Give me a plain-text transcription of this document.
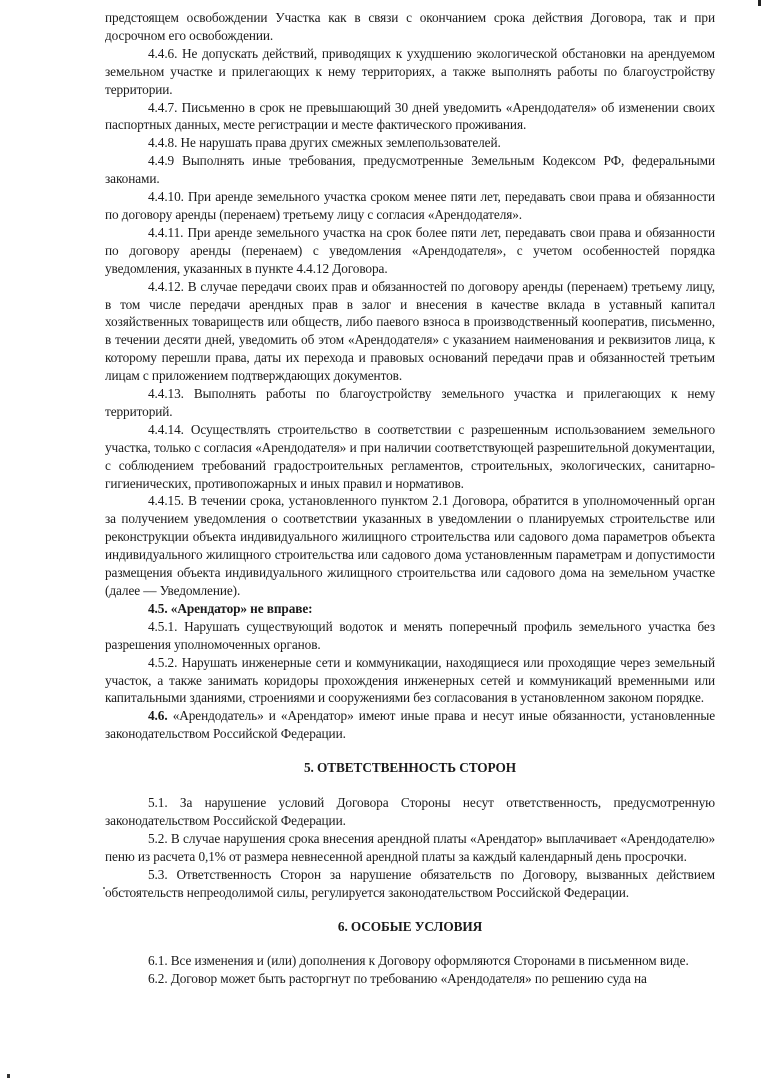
предстоящем освобождении Участка как в связи с окончанием срока действия Договора, так и при досрочном его освобождении.

4.4.6. Не допускать действий, приводящих к ухудшению экологической обстановки на арендуемом земельном участке и прилегающих к нему территориях, а также выполнять работы по благоустройству территории.

4.4.7. Письменно в срок не превышающий 30 дней уведомить «Арендодателя» об изменении своих паспортных данных, месте регистрации и месте фактического проживания.

4.4.8. Не нарушать права других смежных землепользователей.

4.4.9 Выполнять иные требования, предусмотренные Земельным Кодексом РФ, федеральными законами.

4.4.10. При аренде земельного участка сроком менее пяти лет, передавать свои права и обязанности по договору аренды (перенаем) третьему лицу с согласия «Арендодателя».

4.4.11. При аренде земельного участка на срок более пяти лет, передавать свои права и обязанности по договору аренды (перенаем) с уведомления «Арендодателя», с учетом особенностей порядка уведомления, указанных в пункте 4.4.12 Договора.

4.4.12. В случае передачи своих прав и обязанностей по договору аренды (перенаем) третьему лицу, в том числе передачи арендных прав в залог и внесения в качестве вклада в уставный капитал хозяйственных товариществ или обществ, либо паевого взноса в производственный кооператив, письменно, в течении десяти дней, уведомить об этом «Арендодателя» с указанием наименования и реквизитов лица, к которому перешли права, даты их перехода и правовых оснований передачи прав и обязанностей третьим лицам с приложением подтверждающих документов.

4.4.13. Выполнять работы по благоустройству земельного участка и прилегающих к нему территорий.

4.4.14. Осуществлять строительство в соответствии с разрешенным использованием земельного участка, только с согласия «Арендодателя» и при наличии соответствующей разрешительной документации, с соблюдением требований градостроительных регламентов, строительных, экологических, санитарно-гигиенических, противопожарных и иных правил и нормативов.

4.4.15. В течении срока, установленного пунктом 2.1 Договора, обратится в уполномоченный орган за получением уведомления о соответствии указанных в уведомлении о планируемых строительстве или реконструкции объекта индивидуального жилищного строительства или садового дома параметров объекта индивидуального жилищного строительства или садового дома установленным параметрам и допустимости размещения объекта индивидуального жилищного строительства или садового дома на земельном участке (далее — Уведомление).

4.5. «Арендатор» не вправе:

4.5.1. Нарушать существующий водоток и менять поперечный профиль земельного участка без разрешения уполномоченных органов.

4.5.2. Нарушать инженерные сети и коммуникации, находящиеся или проходящие через земельный участок, а также занимать коридоры прохождения инженерных сетей и коммуникаций временными или капитальными зданиями, строениями и сооружениями без согласования в установленном законом порядке.

4.6. «Арендодатель» и «Арендатор» имеют иные права и несут иные обязанности, установленные законодательством Российской Федерации.

5. ОТВЕТСТВЕННОСТЬ СТОРОН

5.1. За нарушение условий Договора Стороны несут ответственность, предусмотренную законодательством Российской Федерации.

5.2. В случае нарушения срока внесения арендной платы «Арендатор» выплачивает «Арендодателю» пеню из расчета 0,1% от размера невнесенной арендной платы за каждый календарный день просрочки.

5.3. Ответственность Сторон за нарушение обязательств по Договору, вызванных действием обстоятельств непреодолимой силы, регулируется законодательством Российской Федерации.

6. ОСОБЫЕ УСЛОВИЯ

6.1. Все изменения и (или) дополнения к Договору оформляются Сторонами в письменном виде.

6.2. Договор может быть расторгнут по требованию «Арендодателя» по решению суда на
